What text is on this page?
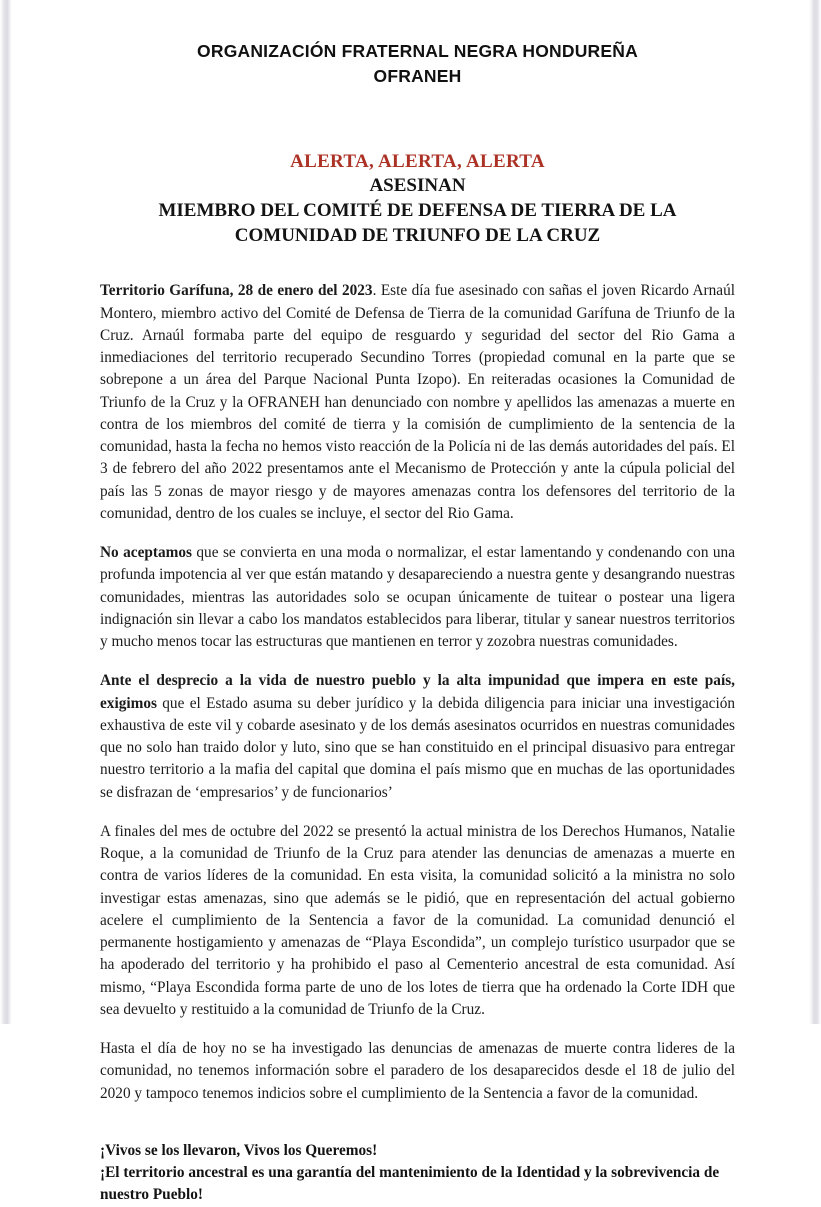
ORGANIZACIÓN FRATERNAL NEGRA HONDUREÑA
OFRANEH
ALERTA, ALERTA, ALERTA
ASESINAN
MIEMBRO DEL COMITÉ DE DEFENSA DE TIERRA DE LA
COMUNIDAD DE TRIUNFO DE LA CRUZ

Territorio Garífuna, 28 de enero del 2023. Este día fue asesinado con sañas el joven Ricardo Arnaúl Montero, miembro activo del Comité de Defensa de Tierra de la comunidad Garífuna de Triunfo de la Cruz. Arnaúl formaba parte del equipo de resguardo y seguridad del sector del Rio Gama a inmediaciones del territorio recuperado Secundino Torres (propiedad comunal en la parte que se sobrepone a un área del Parque Nacional Punta Izopo). En reiteradas ocasiones la Comunidad de Triunfo de la Cruz y la OFRANEH han denunciado con nombre y apellidos las amenazas a muerte en contra de los miembros del comité de tierra y la comisión de cumplimiento de la sentencia de la comunidad, hasta la fecha no hemos visto reacción de la Policía ni de las demás autoridades del país. El 3 de febrero del año 2022 presentamos ante el Mecanismo de Protección y ante la cúpula policial del país las 5 zonas de mayor riesgo y de mayores amenazas contra los defensores del territorio de la comunidad, dentro de los cuales se incluye, el sector del Rio Gama.

No aceptamos que se convierta en una moda o normalizar, el estar lamentando y condenando con una profunda impotencia al ver que están matando y desapareciendo a nuestra gente y desangrando nuestras comunidades, mientras las autoridades solo se ocupan únicamente de tuitear o postear una ligera indignación sin llevar a cabo los mandatos establecidos para liberar, titular y sanear nuestros territorios y mucho menos tocar las estructuras que mantienen en terror y zozobra nuestras comunidades.

Ante el desprecio a la vida de nuestro pueblo y la alta impunidad que impera en este país, exigimos que el Estado asuma su deber jurídico y la debida diligencia para iniciar una investigación exhaustiva de este vil y cobarde asesinato y de los demás asesinatos ocurridos en nuestras comunidades que no solo han traido dolor y luto, sino que se han constituido en el principal disuasivo para entregar nuestro territorio a la mafia del capital que domina el país mismo que en muchas de las oportunidades se disfrazan de ‘empresarios’ y de funcionarios’

A finales del mes de octubre del 2022 se presentó la actual ministra de los Derechos Humanos, Natalie Roque, a la comunidad de Triunfo de la Cruz para atender las denuncias de amenazas a muerte en contra de varios líderes de la comunidad. En esta visita, la comunidad solicitó a la ministra no solo investigar estas amenazas, sino que además se le pidió, que en representación del actual gobierno acelere el cumplimiento de la Sentencia a favor de la comunidad. La comunidad denunció el permanente hostigamiento y amenazas de “Playa Escondida”, un complejo turístico usurpador que se ha apoderado del territorio y ha prohibido el paso al Cementerio ancestral de esta comunidad. Así mismo, “Playa Escondida forma parte de uno de los lotes de tierra que ha ordenado la Corte IDH que sea devuelto y restituido a la comunidad de Triunfo de la Cruz.

Hasta el día de hoy no se ha investigado las denuncias de amenazas de muerte contra lideres de la comunidad, no tenemos información sobre el paradero de los desaparecidos desde el 18 de julio del 2020 y tampoco tenemos indicios sobre el cumplimiento de la Sentencia a favor de la comunidad.

¡Vivos se los llevaron, Vivos los Queremos!
¡El territorio ancestral es una garantía del mantenimiento de la Identidad y la sobrevivencia de nuestro Pueblo!
